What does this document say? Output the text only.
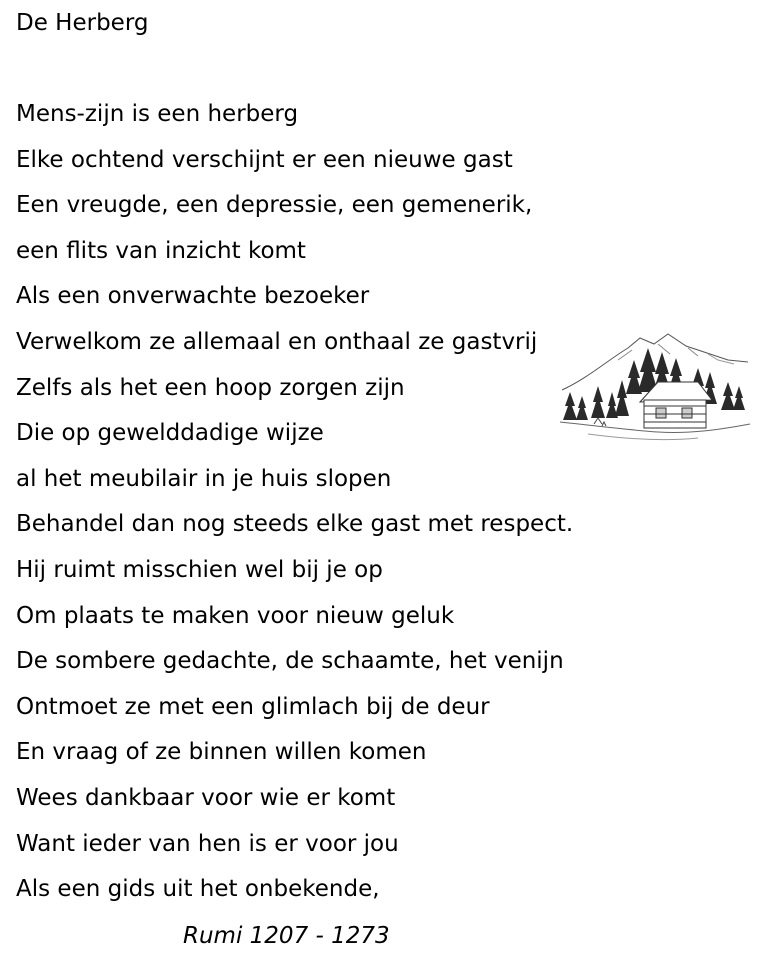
De Herberg
Mens-zijn is een herberg
Elke ochtend verschijnt er een nieuwe gast
Een vreugde, een depressie, een gemenerik,
een flits van inzicht komt
Als een onverwachte bezoeker
Verwelkom ze allemaal en onthaal ze gastvrij
Zelfs als het een hoop zorgen zijn
Die op gewelddadige wijze
al het meubilair in je huis slopen
Behandel dan nog steeds elke gast met respect.
Hij ruimt misschien wel bij je op
Om plaats te maken voor nieuw geluk
De sombere gedachte, de schaamte, het venijn
Ontmoet ze met een glimlach bij de deur
En vraag of ze binnen willen komen
Wees dankbaar voor wie er komt
Want ieder van hen is er voor jou
Als een gids uit het onbekende,
Rumi 1207 - 1273
